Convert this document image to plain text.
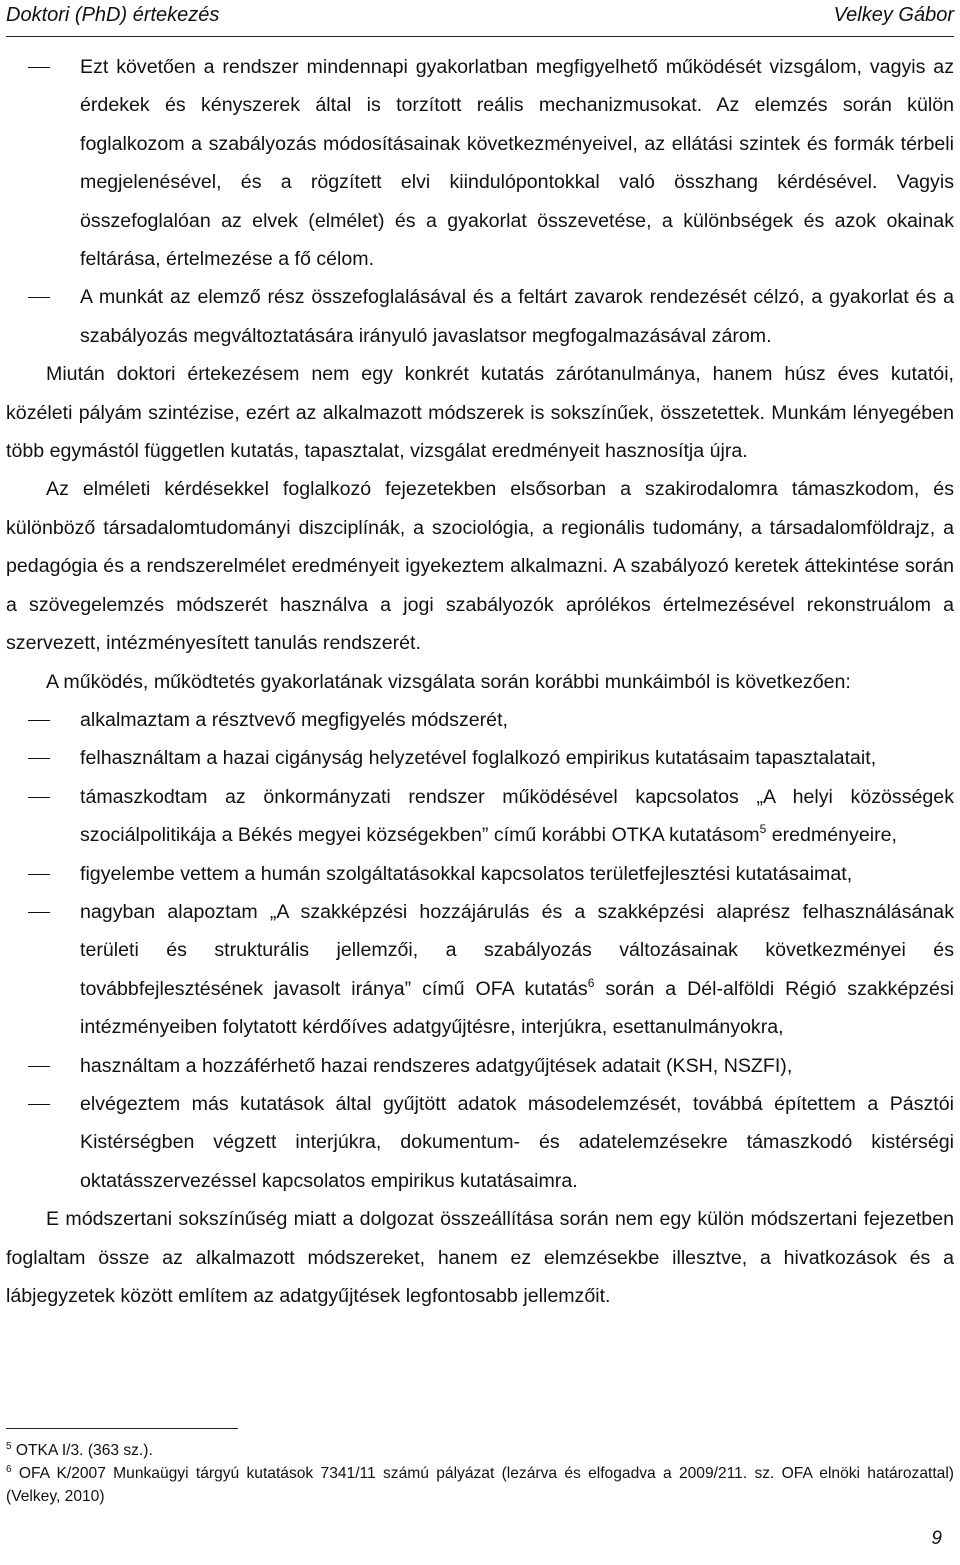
Doktori (PhD) értekezés	Velkey Gábor
Ezt követően a rendszer mindennapi gyakorlatban megfigyelhető működését vizsgálom, vagyis az érdekek és kényszerek által is torzított reális mechanizmusokat. Az elemzés során külön foglalkozom a szabályozás módosításainak következményeivel, az ellátási szintek és formák térbeli megjelenésével, és a rögzített elvi kiindulópontokkal való összhang kérdésével. Vagyis összefoglalóan az elvek (elmélet) és a gyakorlat összevetése, a különbségek és azok okainak feltárása, értelmezése a fő célom.
A munkát az elemző rész összefoglalásával és a feltárt zavarok rendezését célzó, a gyakorlat és a szabályozás megváltoztatására irányuló javaslatsor megfogalmazásával zárom.

Miután doktori értekezésem nem egy konkrét kutatás zárótanulmánya, hanem húsz éves kutatói, közéleti pályám szintézise, ezért az alkalmazott módszerek is sokszínűek, összetettek. Munkám lényegében több egymástól független kutatás, tapasztalat, vizsgálat eredményeit hasznosítja újra.

Az elméleti kérdésekkel foglalkozó fejezetekben elsősorban a szakirodalomra támaszkodom, és különböző társadalomtudományi diszciplínák, a szociológia, a regionális tudomány, a társadalomföldrajz, a pedagógia és a rendszerelmélet eredményeit igyekeztem alkalmazni. A szabályozó keretek áttekintése során a szövegelemzés módszerét használva a jogi szabályozók aprólékos értelmezésével rekonstruálom a szervezett, intézményesített tanulás rendszerét.

A működés, működtetés gyakorlatának vizsgálata során korábbi munkáimból is következően:

alkalmaztam a résztvevő megfigyelés módszerét,
felhasználtam a hazai cigányság helyzetével foglalkozó empirikus kutatásaim tapasztalatait,
támaszkodtam az önkormányzati rendszer működésével kapcsolatos „A helyi közösségek szociálpolitikája a Békés megyei községekben” című korábbi OTKA kutatásom$^5$ eredményeire,
figyelembe vettem a humán szolgáltatásokkal kapcsolatos területfejlesztési kutatásaimat,
nagyban alapoztam „A szakképzési hozzájárulás és a szakképzési alaprész felhasználásának területi és strukturális jellemzői, a szabályozás változásainak következményei és továbbfejlesztésének javasolt iránya” című OFA kutatás$^6$ során a Dél-alföldi Régió szakképzési intézményeiben folytatott kérdőíves adatgyűjtésre, interjúkra, esettanulmányokra,
használtam a hozzáférhető hazai rendszeres adatgyűjtések adatait (KSH, NSZFI),
elvégeztem más kutatások által gyűjtött adatok másodelemzését, továbbá építettem a Pásztói Kistérségben végzett interjúkra, dokumentum- és adatelemzésekre támaszkodó kistérségi oktatásszervezéssel kapcsolatos empirikus kutatásaimra.

E módszertani sokszínűség miatt a dolgozat összeállítása során nem egy külön módszertani fejezetben foglaltam össze az alkalmazott módszereket, hanem ez elemzésekbe illesztve, a hivatkozások és a lábjegyzetek között említem az adatgyűjtések legfontosabb jellemzőit.

$^5$ OTKA I/3. (363 sz.).

$^6$ OFA K/2007 Munkaügyi tárgyú kutatások 7341/11 számú pályázat (lezárva és elfogadva a 2009/211. sz. OFA elnöki határozattal) (Velkey, 2010)

9
